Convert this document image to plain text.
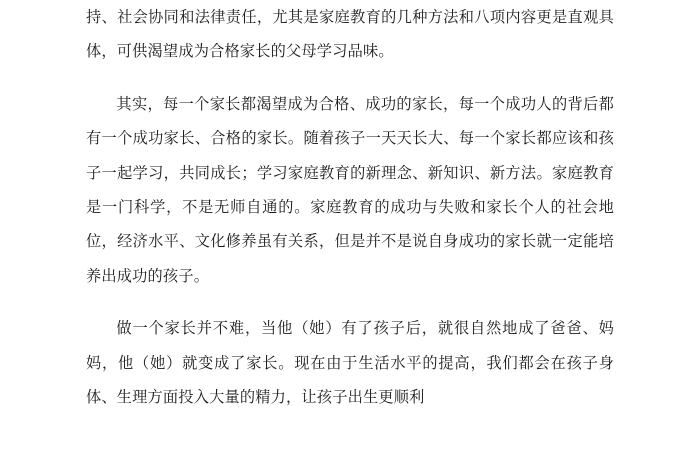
持、社会协同和法律责任，尤其是家庭教育的几种方法和八项内容更是直观具体，可供渴望成为合格家长的父母学习品味。

其实，每一个家长都渴望成为合格、成功的家长，每一个成功人的背后都有一个成功家长、合格的家长。随着孩子一天天长大、每一个家长都应该和孩子一起学习，共同成长；学习家庭教育的新理念、新知识、新方法。家庭教育是一门科学，不是无师自通的。家庭教育的成功与失败和家长个人的社会地位，经济水平、文化修养虽有关系，但是并不是说自身成功的家长就一定能培养出成功的孩子。

做一个家长并不难，当他（她）有了孩子后，就很自然地成了爸爸、妈妈，他（她）就变成了家长。现在由于生活水平的提高，我们都会在孩子身体、生理方面投入大量的精力，让孩子出生更顺利
